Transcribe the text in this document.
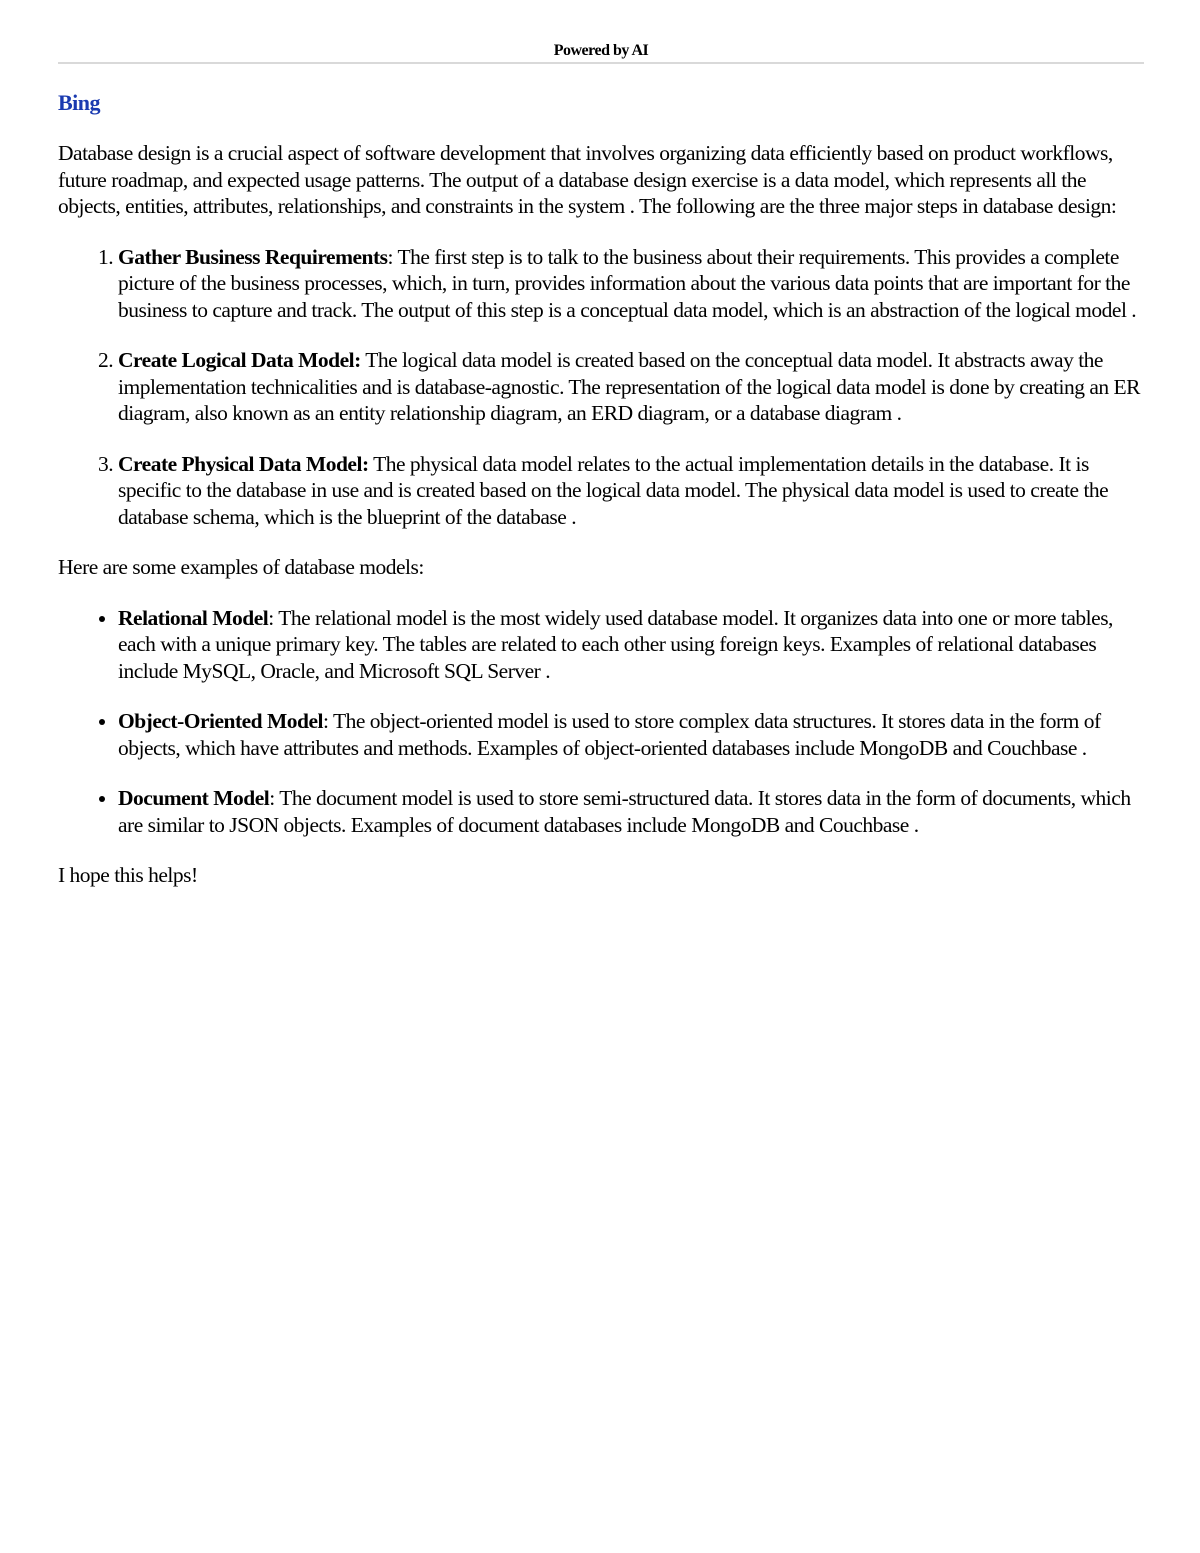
Powered by AI
Bing

Database design is a crucial aspect of software development that involves organizing data efficiently based on product workflows, future roadmap, and expected usage patterns. The output of a database design exercise is a data model, which represents all the objects, entities, attributes, relationships, and constraints in the system . The following are the three major steps in database design:

1. Gather Business Requirements: The first step is to talk to the business about their requirements. This provides a complete picture of the business processes, which, in turn, provides information about the various data points that are important for the business to capture and track. The output of this step is a conceptual data model, which is an abstraction of the logical model .
2. Create Logical Data Model: The logical data model is created based on the conceptual data model. It abstracts away the implementation technicalities and is database-agnostic. The representation of the logical data model is done by creating an ER diagram, also known as an entity relationship diagram, an ERD diagram, or a database diagram .
3. Create Physical Data Model: The physical data model relates to the actual implementation details in the database. It is specific to the database in use and is created based on the logical data model. The physical data model is used to create the database schema, which is the blueprint of the database .

Here are some examples of database models:

• Relational Model: The relational model is the most widely used database model. It organizes data into one or more tables, each with a unique primary key. The tables are related to each other using foreign keys. Examples of relational databases include MySQL, Oracle, and Microsoft SQL Server .
• Object-Oriented Model: The object-oriented model is used to store complex data structures. It stores data in the form of objects, which have attributes and methods. Examples of object-oriented databases include MongoDB and Couchbase .
• Document Model: The document model is used to store semi-structured data. It stores data in the form of documents, which are similar to JSON objects. Examples of document databases include MongoDB and Couchbase .

I hope this helps!
